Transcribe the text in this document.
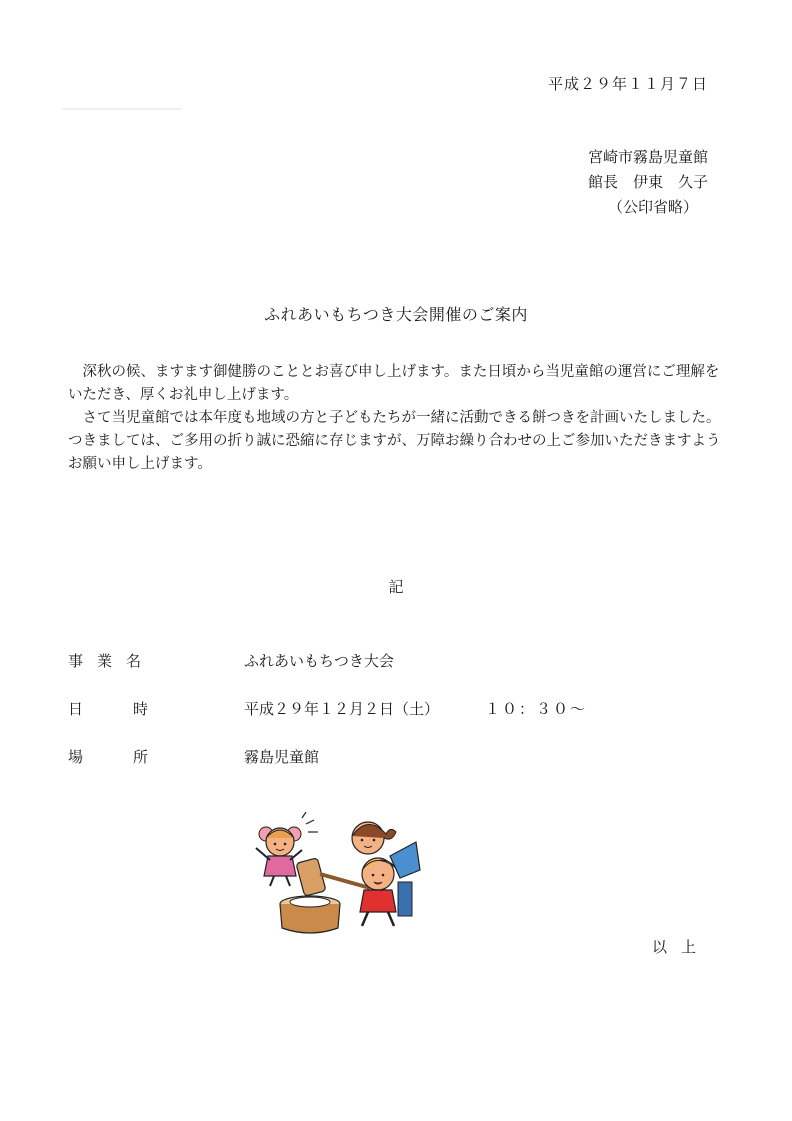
平成２９年１１月７日
宮崎市霧島児童館
館長　伊東　久子
（公印省略）
ふれあいもちつき大会開催のご案内

　深秋の候、ますます御健勝のこととお喜び申し上げます。また日頃から当児童館の運営にご理解をいただき、厚くお礼申し上げます。

　さて当児童館では本年度も地域の方と子どもたちが一緒に活動できる餅つきを計画いたしました。

つきましては、ご多用の折り誠に恐縮に存じますが、万障お繰り合わせの上ご参加いただきますようお願い申し上げます。

記
事業名	ふれあいもちつき大会
日時	平成２９年１２月２日（土）	１０：３０～
場所	霧島児童館
以上
